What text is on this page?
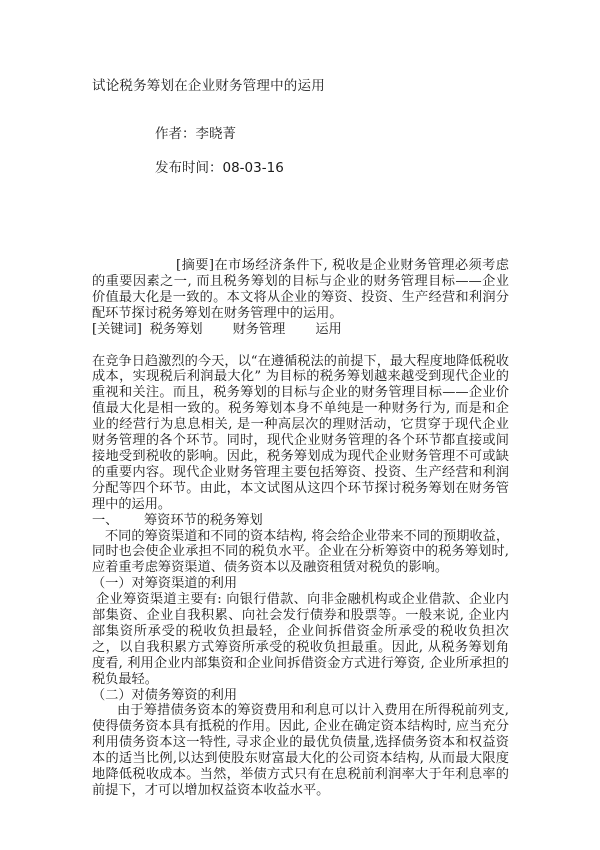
试论税务筹划在企业财务管理中的运用
作者：李晓菁
发布时间：08-03-16

[摘要]在市场经济条件下, 税收是企业财务管理必须考虑的重要因素之一, 而且税务筹划的目标与企业的财务管理目标——企业价值最大化是一致的。本文将从企业的筹资、投资、生产经营和利润分配环节探讨税务筹划在财务管理中的运用。

[关键词] 税务筹划 财务管理 运用

在竞争日趋激烈的今天，以“在遵循税法的前提下，最大程度地降低税收成本，实现税后利润最大化” 为目标的税务筹划越来越受到现代企业的重视和关注。而且，税务筹划的目标与企业的财务管理目标——企业价值最大化是相一致的。税务筹划本身不单纯是一种财务行为, 而是和企业的经营行为息息相关, 是一种高层次的理财活动，它贯穿于现代企业财务管理的各个环节。同时，现代企业财务管理的各个环节都直接或间接地受到税收的影响。因此，税务筹划成为现代企业财务管理不可或缺的重要内容。现代企业财务管理主要包括筹资、投资、生产经营和利润分配等四个环节。由此，本文试图从这四个环节探讨税务筹划在财务管理中的运用。

一、 筹资环节的税务筹划

不同的筹资渠道和不同的资本结构, 将会给企业带来不同的预期收益，同时也会使企业承担不同的税负水平。企业在分析筹资中的税务筹划时, 应着重考虑筹资渠道、债务资本以及融资租赁对税负的影响。

（一）对筹资渠道的利用

企业筹资渠道主要有: 向银行借款、向非金融机构或企业借款、企业内部集资、企业自我积累、向社会发行债券和股票等。一般来说, 企业内部集资所承受的税收负担最轻，企业间拆借资金所承受的税收负担次之，以自我积累方式筹资所承受的税收负担最重。因此, 从税务筹划角度看, 利用企业内部集资和企业间拆借资金方式进行筹资, 企业所承担的税负最轻。

（二）对债务筹资的利用

由于筹措债务资本的筹资费用和利息可以计入费用在所得税前列支, 使得债务资本具有抵税的作用。因此, 企业在确定资本结构时, 应当充分利用债务资本这一特性, 寻求企业的最优负债量,选择债务资本和权益资本的适当比例,以达到使股东财富最大化的公司资本结构, 从而最大限度地降低税收成本。当然，举债方式只有在息税前利润率大于年利息率的前提下，才可以增加权益资本收益水平。
